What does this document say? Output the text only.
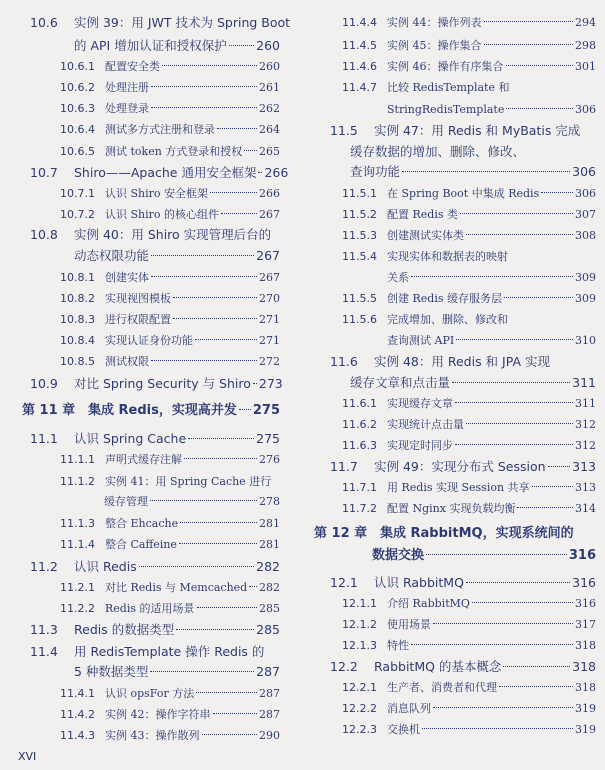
10.6	实例 39：用 JWT 技术为 Spring Boot
的 API 增加认证和授权保护 260
10.6.1 配置安全类	260
10.6.2 处理注册	261
10.6.3 处理登录	262
10.6.4 测试多方式注册和登录	264
10.6.5 测试 token 方式登录和授权 265
10.7	Shiro——Apache 通用安全框架 266
10.7.1 认识 Shiro 安全框架	266
10.7.2 认识 Shiro 的核心组件	267
10.8	实例 40：用 Shiro 实现管理后台的
动态权限功能	267
10.8.1 创建实体	267
10.8.2 实现视图模板	270
10.8.3 进行权限配置	271
10.8.4 实现认证身份功能	271
10.8.5 测试权限	272
10.9	对比 Spring Security 与 Shiro 273
第 11 章 集成 Redis，实现高并发 275
11.1	认识 Spring Cache	275
11.1.1 声明式缓存注解	276
11.1.2 实例 41：用 Spring Cache 进行
缓存管理	278
11.1.3 整合 Ehcache	281
11.1.4 整合 Caffeine	281
11.2	认识 Redis	282
11.2.1 对比 Redis 与 Memcached 282
11.2.2 Redis 的适用场景	285
11.3	Redis 的数据类型	285
11.4	用 RedisTemplate 操作 Redis 的
5 种数据类型	287
11.4.1 认识 opsFor 方法	287
11.4.2 实例 42：操作字符串	287
11.4.3 实例 43：操作散列	290
11.4.4 实例 44：操作列表	294
11.4.5 实例 45：操作集合	298
11.4.6 实例 46：操作有序集合	301
11.4.7 比较 RedisTemplate 和
StringRedisTemplate	306
11.5	实例 47：用 Redis 和 MyBatis 完成
缓存数据的增加、删除、修改、
查询功能	306
11.5.1 在 Spring Boot 中集成 Redis	306
11.5.2 配置 Redis 类	307
11.5.3 创建测试实体类	308
11.5.4 实现实体和数据表的映射
关系	309
11.5.5 创建 Redis 缓存服务层	309
11.5.6 完成增加、删除、修改和
查询测试 API	310
11.6	实例 48：用 Redis 和 JPA 实现
缓存文章和点击量	311
11.6.1 实现缓存文章	311
11.6.2 实现统计点击量	312
11.6.3 实现定时同步	312
11.7	实例 49：实现分布式 Session 313
11.7.1 用 Redis 实现 Session 共享	313
11.7.2 配置 Nginx 实现负载均衡	314
第 12 章 集成 RabbitMQ，实现系统间的
数据交换	316
12.1	认识 RabbitMQ	316
12.1.1 介绍 RabbitMQ	316
12.1.2 使用场景	317
12.1.3 特性	318
12.2	RabbitMQ 的基本概念	318
12.2.1 生产者、消费者和代理	318
12.2.2 消息队列	319
12.2.3 交换机	319
XVI
